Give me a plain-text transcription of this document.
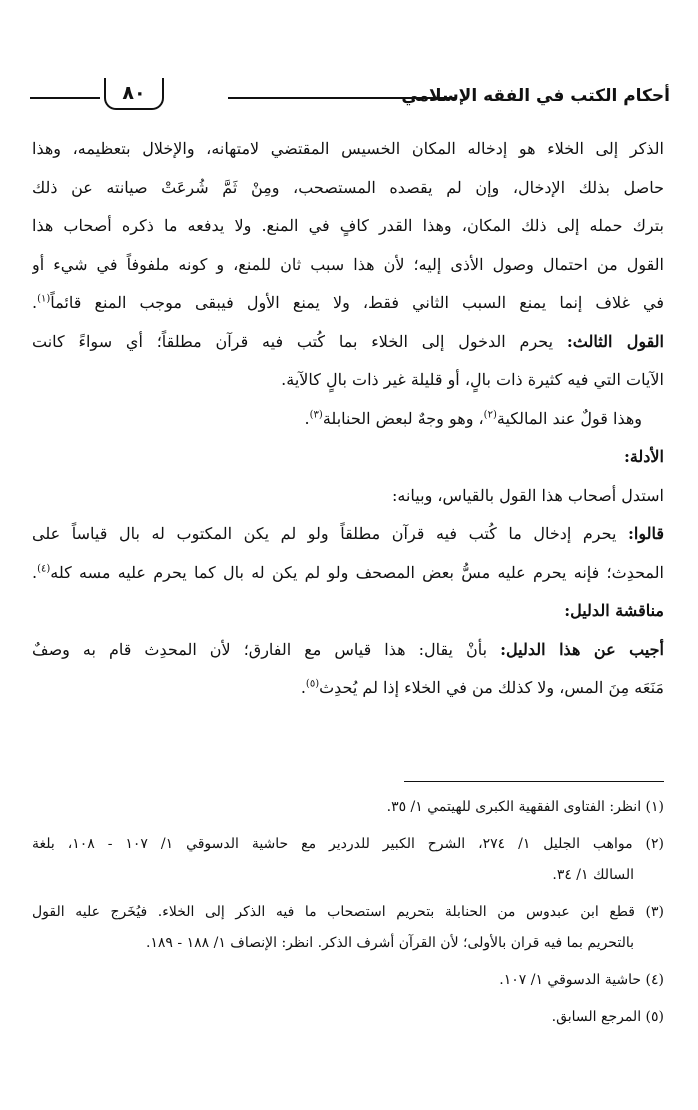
أحكام الكتب في الفقه الإسلامي
٨٠
الذكر إلى الخلاء هو إدخاله المكان الخسيس المقتضي لامتهانه، والإخلال بتعظيمه، وهذا
حاصل بذلك الإدخال، وإن لم يقصده المستصحب، ومِنْ ثَمَّ شُرعَتْ صيانته عن ذلك
بترك حمله إلى ذلك المكان، وهذا القدر كافٍ في المنع. ولا يدفعه ما ذكره أصحاب هذا
القول من احتمال وصول الأذى إليه؛ لأن هذا سبب ثان للمنع، و كونه ملفوفاً في شيء أو
في غلاف إنما يمنع السبب الثاني فقط، ولا يمنع الأول فيبقى موجب المنع قائماً$^{(١)}$.
القول الثالث: يحرم الدخول إلى الخلاء بما كُتب فيه قرآن مطلقاً؛ أي سواءً كانت
الآيات التي فيه كثيرة ذات بالٍ، أو قليلة غير ذات بالٍ كالآية.
وهذا قولٌ عند المالكية$^{(٢)}$، وهو وجهٌ لبعض الحنابلة$^{(٣)}$.
الأدلة:
استدل أصحاب هذا القول بالقياس، وبيانه:
قالوا: يحرم إدخال ما كُتب فيه قرآن مطلقاً ولو لم يكن المكتوب له بال قياساً على
المحدِث؛ فإنه يحرم عليه مسُّ بعض المصحف ولو لم يكن له بال كما يحرم عليه مسه كله$^{(٤)}$.
مناقشة الدليل:
أجيب عن هذا الدليل: بأنْ يقال: هذا قياس مع الفارق؛ لأن المحدِث قام به وصفٌ
مَنَعَه مِنَ المس، ولا كذلك من في الخلاء إذا لم يُحدِث$^{(٥)}$.
(١) انظر: الفتاوى الفقهية الكبرى للهيتمي ١/ ٣٥.
(٢) مواهب الجليل ١/ ٢٧٤، الشرح الكبير للدردير مع حاشية الدسوقي ١/ ١٠٧ - ١٠٨، بلغة
السالك ١/ ٣٤.
(٣) قطع ابن عبدوس من الحنابلة بتحريم استصحاب ما فيه الذكر إلى الخلاء. فيُخَرج عليه القول
بالتحريم بما فيه قران بالأولى؛ لأن القرآن أشرف الذكر. انظر: الإنصاف ١/ ١٨٨ - ١٨٩.
(٤) حاشية الدسوقي ١/ ١٠٧.
(٥) المرجع السابق.
